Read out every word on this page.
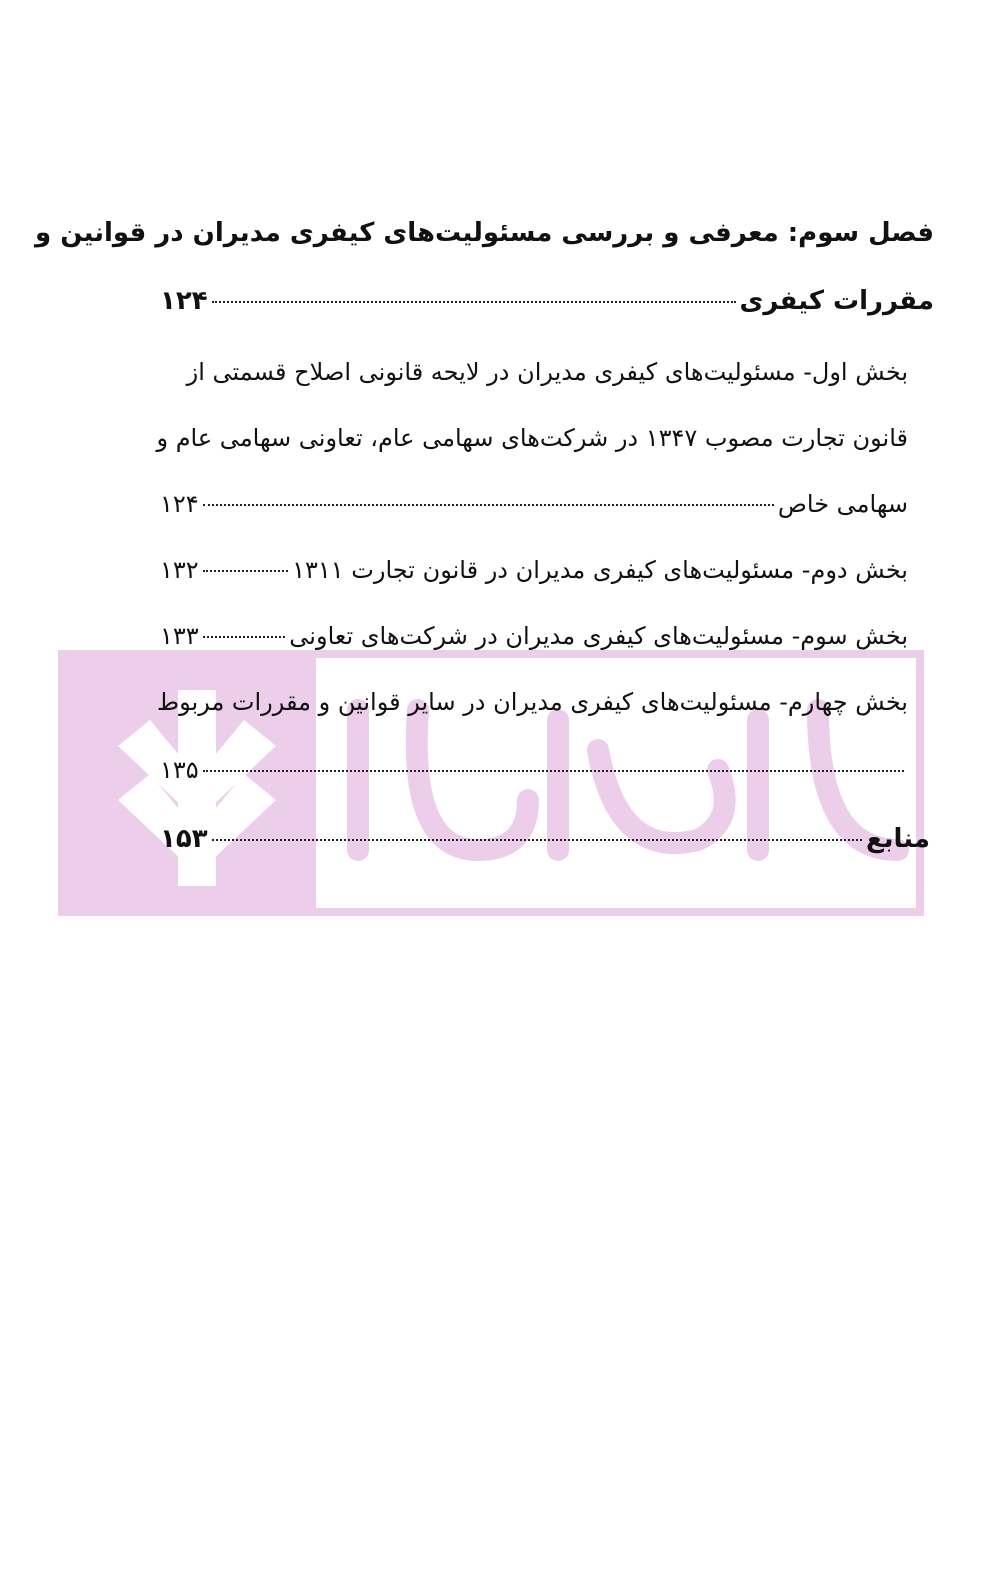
فصل سوم: معرفی و بررسی مسئولیت‌های کیفری مدیران در قوانین و
مقررات کیفری
۱۲۴
بخش اول- مسئولیت‌های کیفری مدیران در لایحه قانونی اصلاح قسمتی از
قانون تجارت مصوب ۱۳۴۷ در شرکت‌های سهامی عام، تعاونی سهامی عام و
سهامی خاص
۱۲۴
بخش دوم- مسئولیت‌های کیفری مدیران در قانون تجارت ۱۳۱۱
۱۳۲
بخش سوم- مسئولیت‌های کیفری مدیران در شرکت‌های تعاونی
۱۳۳
بخش چهارم- مسئولیت‌های کیفری مدیران در سایر قوانین و مقررات مربوط
۱۳۵
منابع
۱۵۳
